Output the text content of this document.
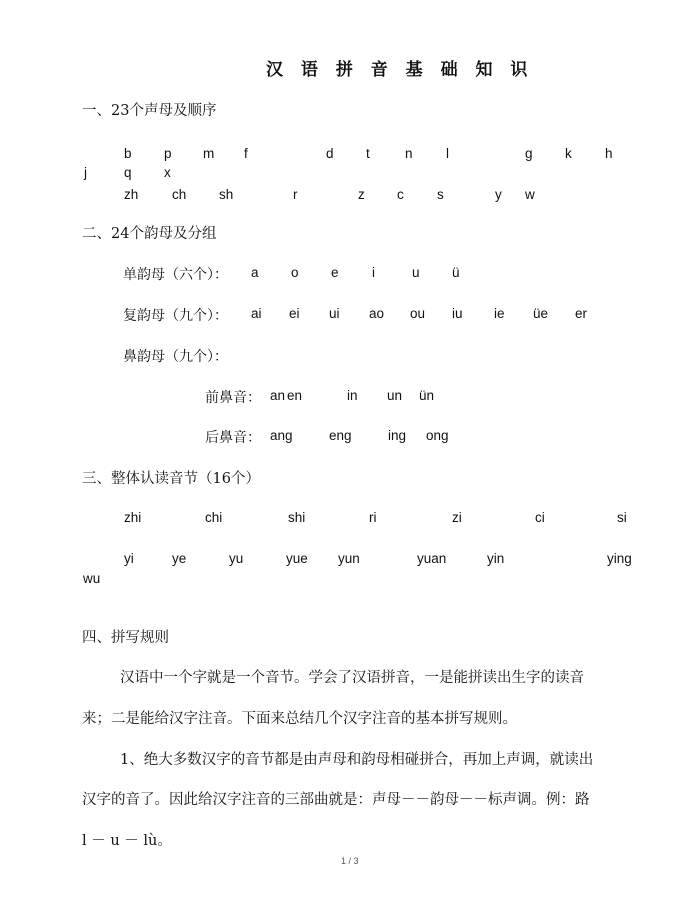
汉 语 拼 音 基 础 知 识
一、23个声母及顺序
b p m f	d t	n l	g k h
j	q x
zh ch sh	r	z c s	y w
二、24个韵母及分组
单韵母（六个）： a o e i	u ü
复韵母（九个）： ai ei ui ao ou iu ie üe er
鼻韵母（九个）：
前鼻音： an en	in un ün
后鼻音： ang	eng	ing ong
三、整体认读音节（16个）
zhi	chi	shi	ri	zi	ci	si
yi	ye	yu	yue yun	yuan	yin	ying
wu
四、拼写规则
汉语中一个字就是一个音节。学会了汉语拼音，一是能拼读出生字的读音
来；二是能给汉字注音。下面来总结几个汉字注音的基本拼写规则。
1、绝大多数汉字的音节都是由声母和韵母相碰拼合，再加上声调，就读出
汉字的音了。因此给汉字注音的三部曲就是：声母－－韵母－－标声调。例：路
l － u － lù。
1 / 3
